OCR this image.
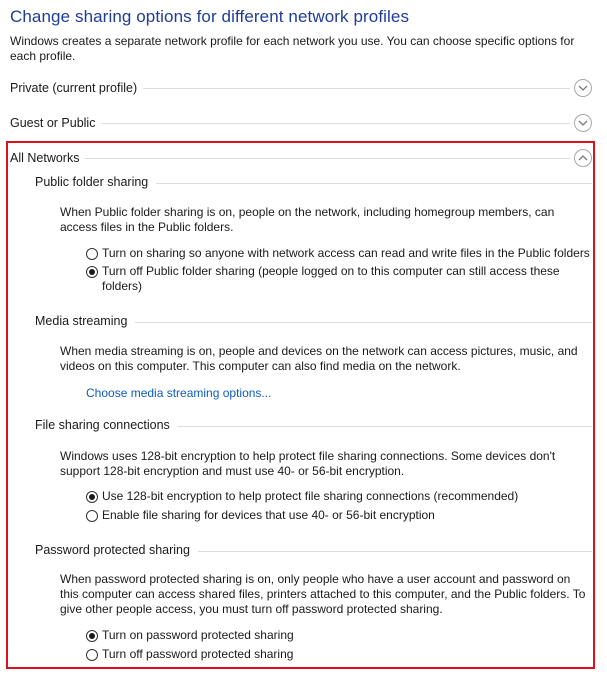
Change sharing options for different network profiles
Windows creates a separate network profile for each network you use. You can choose specific options for each profile.
Private (current profile)
Guest or Public
All Networks
Public folder sharing
When Public folder sharing is on, people on the network, including homegroup members, can access files in the Public folders.
Turn on sharing so anyone with network access can read and write files in the Public folders
Turn off Public folder sharing (people logged on to this computer can still access these folders)
Media streaming
When media streaming is on, people and devices on the network can access pictures, music, and videos on this computer. This computer can also find media on the network.
Choose media streaming options...
File sharing connections
Windows uses 128-bit encryption to help protect file sharing connections. Some devices don't support 128-bit encryption and must use 40- or 56-bit encryption.
Use 128-bit encryption to help protect file sharing connections (recommended)
Enable file sharing for devices that use 40- or 56-bit encryption
Password protected sharing
When password protected sharing is on, only people who have a user account and password on this computer can access shared files, printers attached to this computer, and the Public folders. To give other people access, you must turn off password protected sharing.
Turn on password protected sharing
Turn off password protected sharing
